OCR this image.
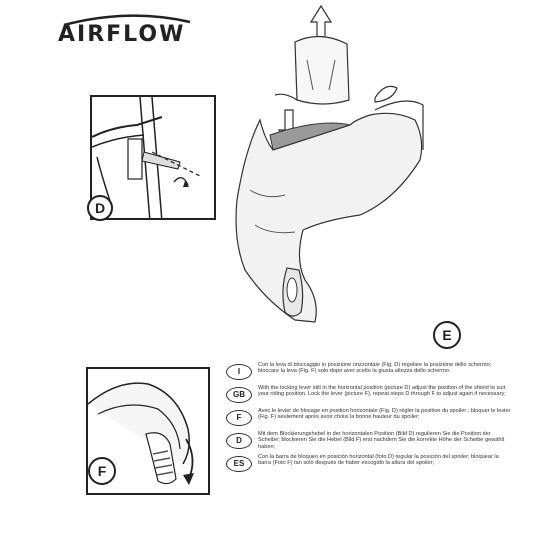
AIRFLOW
E
D
F
I
Con la leva di bloccaggio in posizione orizzontale (Fig. D) regolare la posizione dello schermo; bloccare la leva (Fig. F) solo dopo aver scelto la giusta altezza dello schermo.
GB
With the locking lever still in the horizontal position (picture D) adjust the position of the shield to suit your riding position. Lock the lever (picture F), repeat steps D through F to adjust again if necessary;
F
Avec le levier de blocage en position horizontale (Fig. D) régler la position du spoiler ; bloquer le levier (Fig. F) seulement après avoir choisi la bonne hauteur du spoiler;
D
Mit dem Blockierungshebel in der horizontalen Position (Bild D) regulieren Sie die Position der Scheibe; blockieren Sie die Hebel (Bild F) erst nachdem Sie die korrekte Höhe der Scheibe gewählt haben;
ES
Con la barra de bloqueo en posición horizontal (foto D) regular la posición del spoiler; bloquear la barra (Foto F) tan sólo después de haber escogido la altura del spoiler;
